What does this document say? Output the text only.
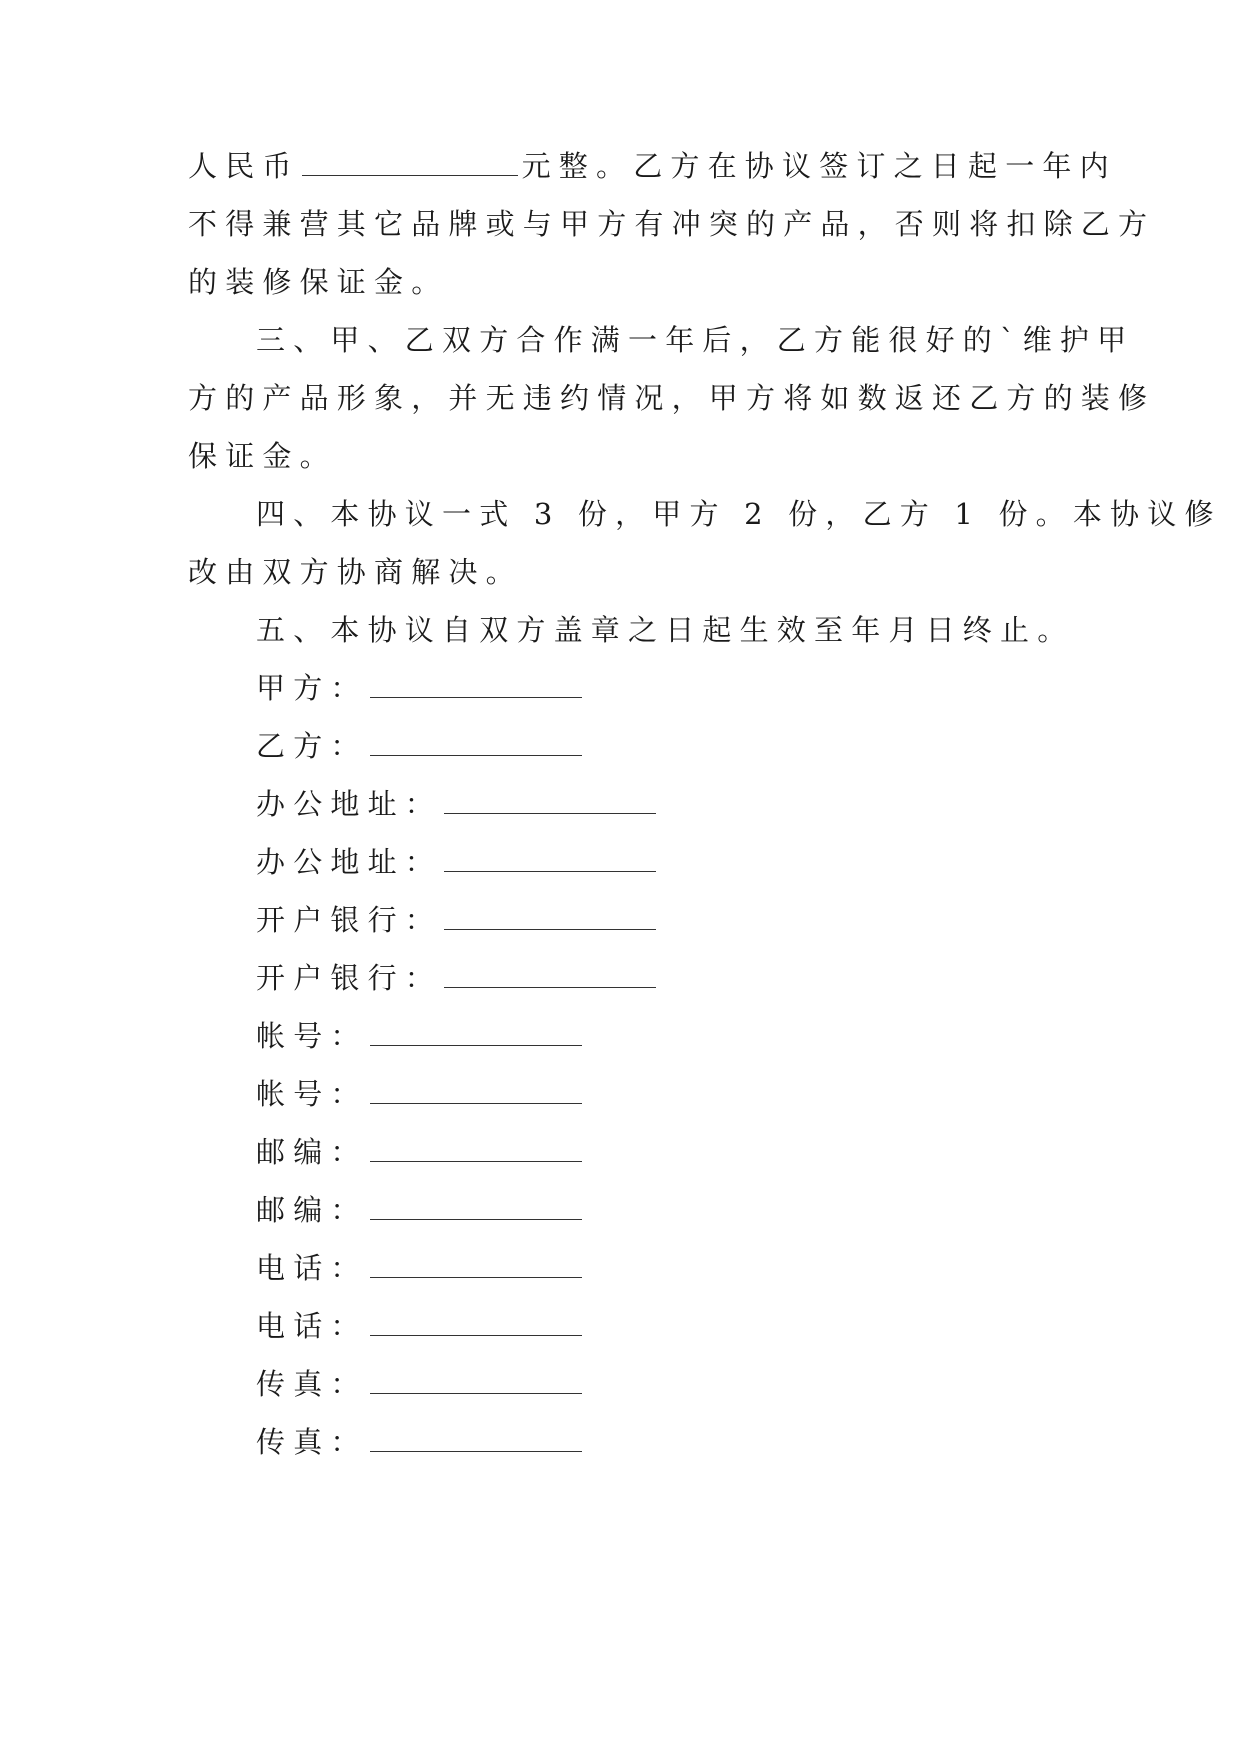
人民币	元整。乙方在协议签订之日起一年内

不得兼营其它品牌或与甲方有冲突的产品，否则将扣除乙方

的装修保证金。

三、甲、乙双方合作满一年后，乙方能很好的`维护甲

方的产品形象，并无违约情况，甲方将如数返还乙方的装修

保证金。

四、本协议一式 3 份，甲方 2 份，乙方 1 份。本协议修

改由双方协商解决。

五、本协议自双方盖章之日起生效至年月日终止。

甲方：
乙方：
办公地址：
办公地址：
开户银行：
开户银行：
帐号：
帐号：
邮编：
邮编：
电话：
电话：
传真：
传真：
